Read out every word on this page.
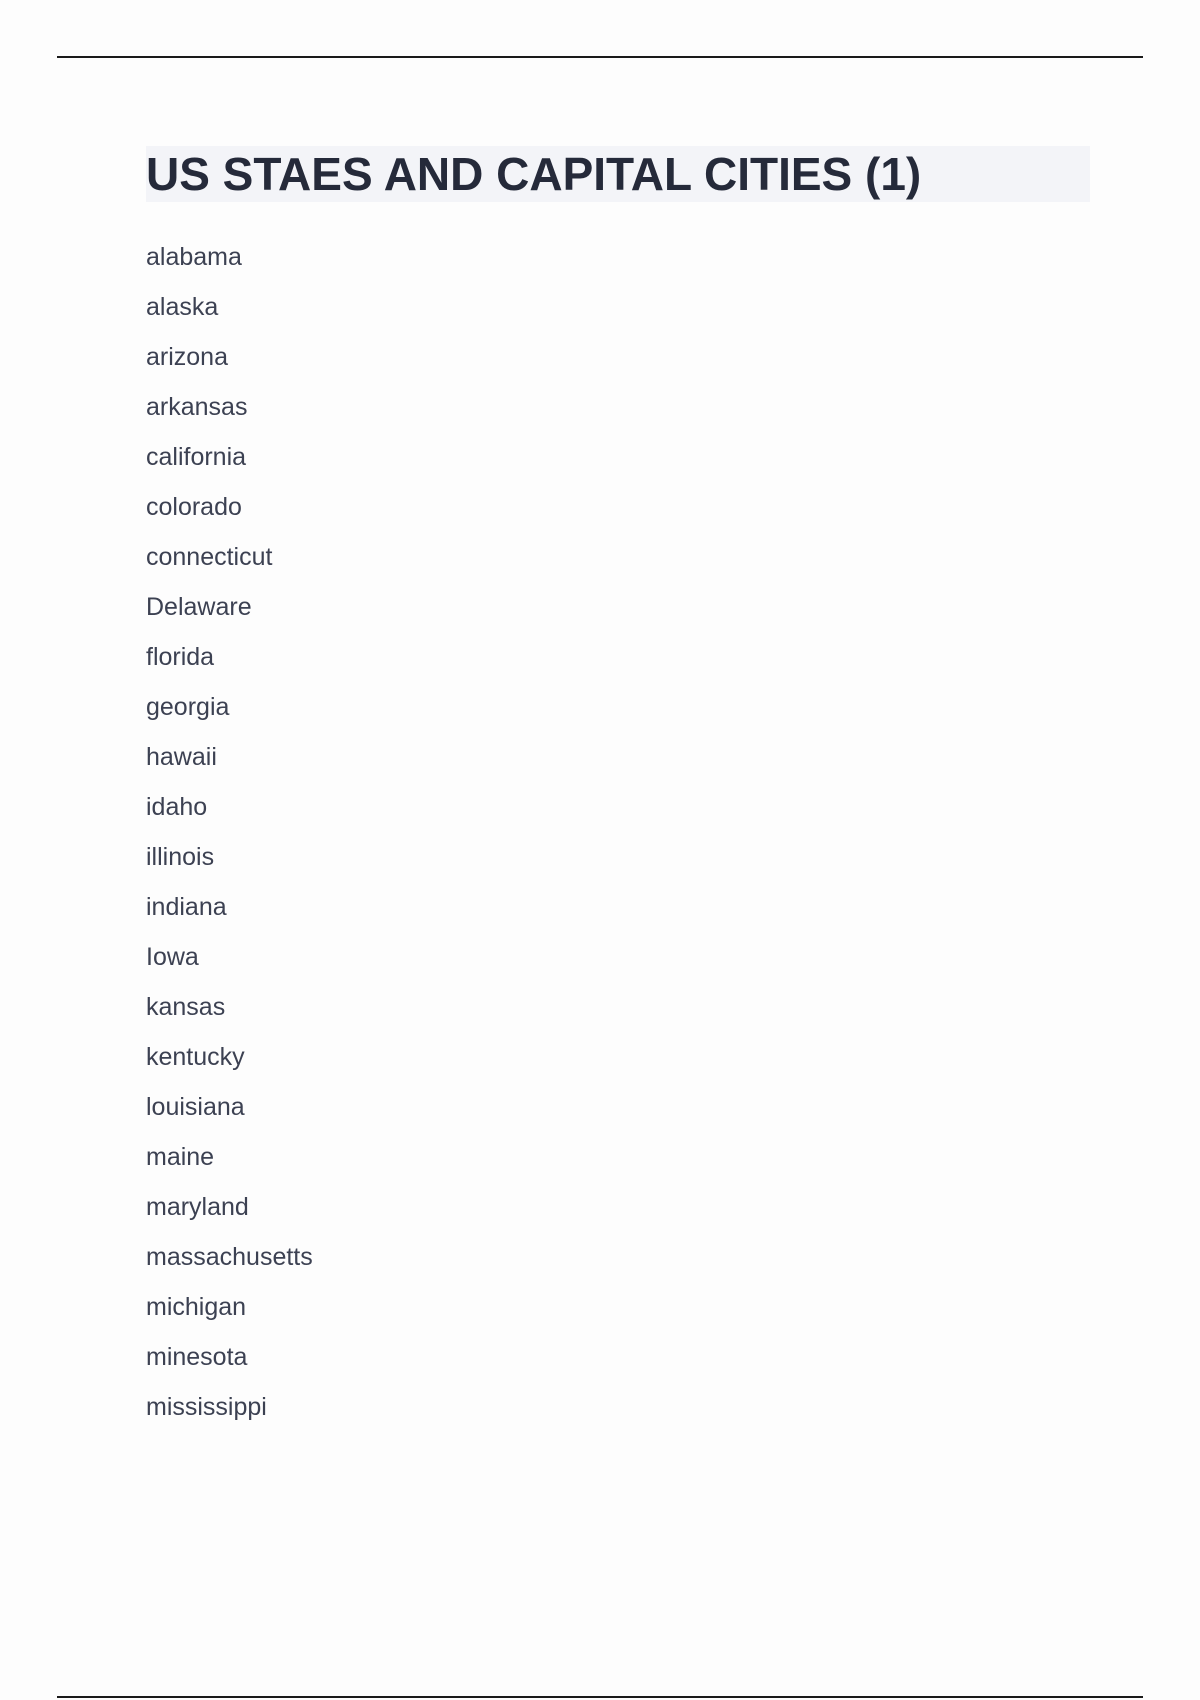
US STAES AND CAPITAL CITIES (1)
alabama
alaska
arizona
arkansas
california
colorado
connecticut
Delaware
florida
georgia
hawaii
idaho
illinois
indiana
Iowa
kansas
kentucky
louisiana
maine
maryland
massachusetts
michigan
minesota
mississippi
